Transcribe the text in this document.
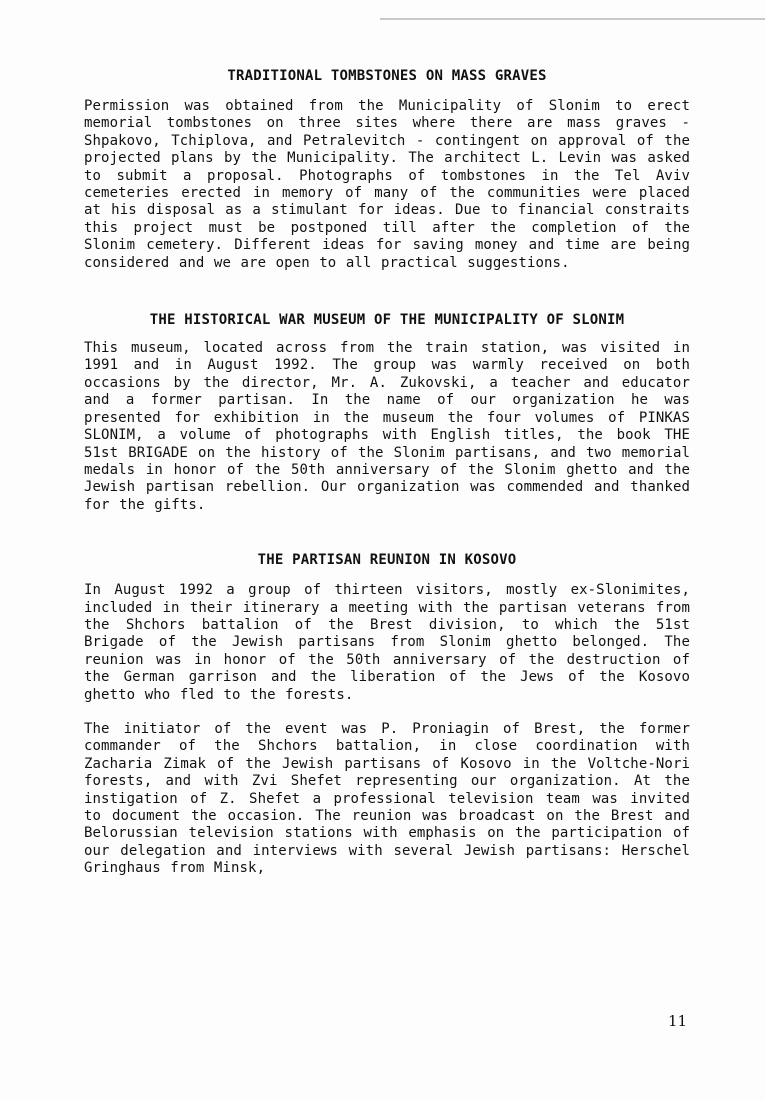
TRADITIONAL TOMBSTONES ON MASS GRAVES

Permission was obtained from the Municipality of Slonim to erect memorial tombstones on three sites where there are mass graves - Shpakovo, Tchiplova, and Petralevitch - contingent on approval of the projected plans by the Municipality. The architect L. Levin was asked to submit a proposal. Photographs of tombstones in the Tel Aviv cemeteries erected in memory of many of the communities were placed at his disposal as a stimulant for ideas. Due to financial constraits this project must be postponed till after the completion of the Slonim cemetery. Different ideas for saving money and time are being considered and we are open to all practical suggestions.

THE HISTORICAL WAR MUSEUM OF THE MUNICIPALITY OF SLONIM

This museum, located across from the train station, was visited in 1991 and in August 1992. The group was warmly received on both occasions by the director, Mr. A. Zukovski, a teacher and educator and a former partisan. In the name of our organization he was presented for exhibition in the museum the four volumes of PINKAS SLONIM, a volume of photographs with English titles, the book THE 51st BRIGADE on the history of the Slonim partisans, and two memorial medals in honor of the 50th anniversary of the Slonim ghetto and the Jewish partisan rebellion. Our organization was commended and thanked for the gifts.

THE PARTISAN REUNION IN KOSOVO

In August 1992 a group of thirteen visitors, mostly ex-Slonimites, included in their itinerary a meeting with the partisan veterans from the Shchors battalion of the Brest division, to which the 51st Brigade of the Jewish partisans from Slonim ghetto belonged. The reunion was in honor of the 50th anniversary of the destruction of the German garrison and the liberation of the Jews of the Kosovo ghetto who fled to the forests.

The initiator of the event was P. Proniagin of Brest, the former commander of the Shchors battalion, in close coordination with Zacharia Zimak of the Jewish partisans of Kosovo in the Voltche-Nori forests, and with Zvi Shefet representing our organization. At the instigation of Z. Shefet a professional television team was invited to document the occasion. The reunion was broadcast on the Brest and Belorussian television stations with emphasis on the participation of our delegation and interviews with several Jewish partisans: Herschel Gringhaus from Minsk,

11
